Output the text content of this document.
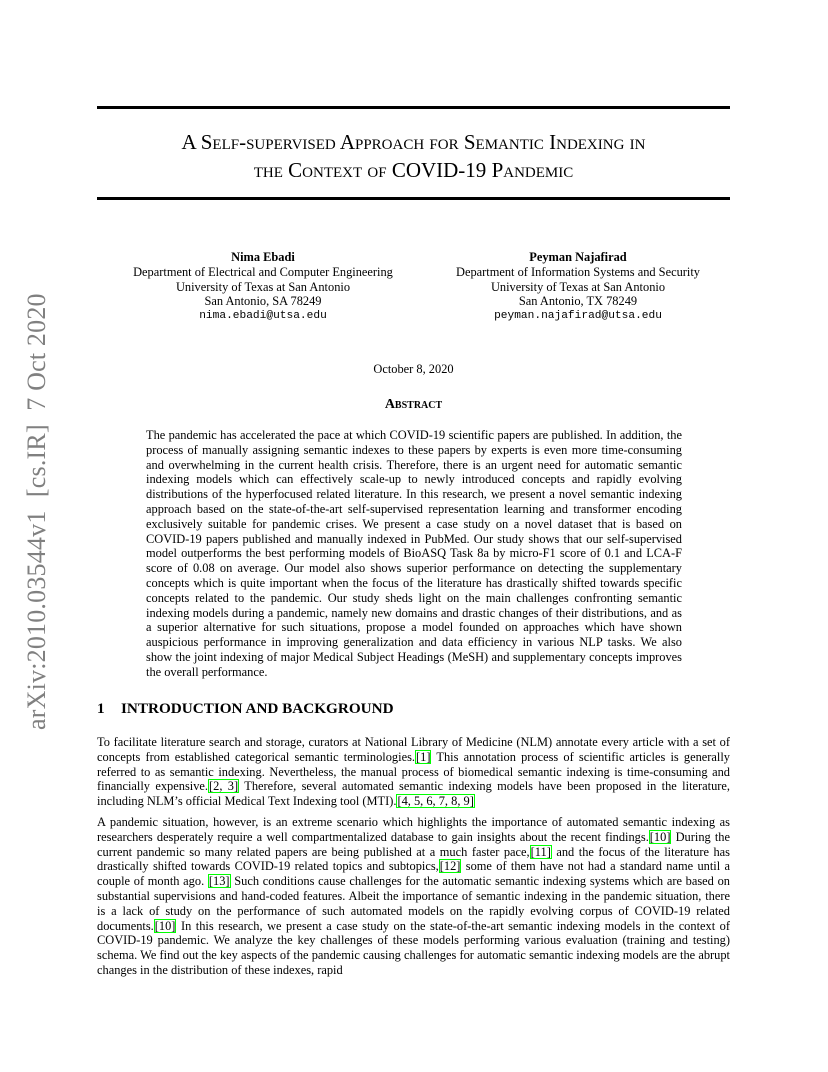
A Self-supervised Approach for Semantic Indexing in
the Context of COVID-19 Pandemic
Nima Ebadi
Department of Electrical and Computer Engineering
University of Texas at San Antonio
San Antonio, SA 78249
nima.ebadi@utsa.edu
Peyman Najafirad
Department of Information Systems and Security
University of Texas at San Antonio
San Antonio, TX 78249
peyman.najafirad@utsa.edu
October 8, 2020
Abstract
The pandemic has accelerated the pace at which COVID-19 scientific papers are published. In addition, the process of manually assigning semantic indexes to these papers by experts is even more time-consuming and overwhelming in the current health crisis. Therefore, there is an urgent need for automatic semantic indexing models which can effectively scale-up to newly introduced concepts and rapidly evolving distributions of the hyperfocused related literature. In this research, we present a novel semantic indexing approach based on the state-of-the-art self-supervised representation learning and transformer encoding exclusively suitable for pandemic crises. We present a case study on a novel dataset that is based on COVID-19 papers published and manually indexed in PubMed. Our study shows that our self-supervised model outperforms the best performing models of BioASQ Task 8a by micro-F1 score of 0.1 and LCA-F score of 0.08 on average. Our model also shows superior performance on detecting the supplementary concepts which is quite important when the focus of the literature has drastically shifted towards specific concepts related to the pandemic. Our study sheds light on the main challenges confronting semantic indexing models during a pandemic, namely new domains and drastic changes of their distributions, and as a superior alternative for such situations, propose a model founded on approaches which have shown auspicious performance in improving generalization and data efficiency in various NLP tasks. We also show the joint indexing of major Medical Subject Headings (MeSH) and supplementary concepts improves the overall performance.
arXiv:2010.03544v1  [cs.IR]  7 Oct 2020	1 INTRODUCTION AND BACKGROUND
To facilitate literature search and storage, curators at National Library of Medicine (NLM) annotate every article with a set of concepts from established categorical semantic terminologies.[1] This annotation process of scientific articles is generally referred to as semantic indexing. Nevertheless, the manual process of biomedical semantic indexing is time-consuming and financially expensive.[2, 3] Therefore, several automated semantic indexing models have been proposed in the literature, including NLM’s official Medical Text Indexing tool (MTI).[4, 5, 6, 7, 8, 9]
A pandemic situation, however, is an extreme scenario which highlights the importance of automated semantic indexing as researchers desperately require a well compartmentalized database to gain insights about the recent findings.[10] During the current pandemic so many related papers are being published at a much faster pace,[11] and the focus of the literature has drastically shifted towards COVID-19 related topics and subtopics,[12] some of them have not had a standard name until a couple of month ago. [13] Such conditions cause challenges for the automatic semantic indexing systems which are based on substantial supervisions and hand-coded features. Albeit the importance of semantic indexing in the pandemic situation, there is a lack of study on the performance of such automated models on the rapidly evolving corpus of COVID-19 related documents.[10] In this research, we present a case study on the state-of-the-art semantic indexing models in the context of COVID-19 pandemic. We analyze the key challenges of these models performing various evaluation (training and testing) schema. We find out the key aspects of the pandemic causing challenges for automatic semantic indexing models are the abrupt changes in the distribution of these indexes, rapid
